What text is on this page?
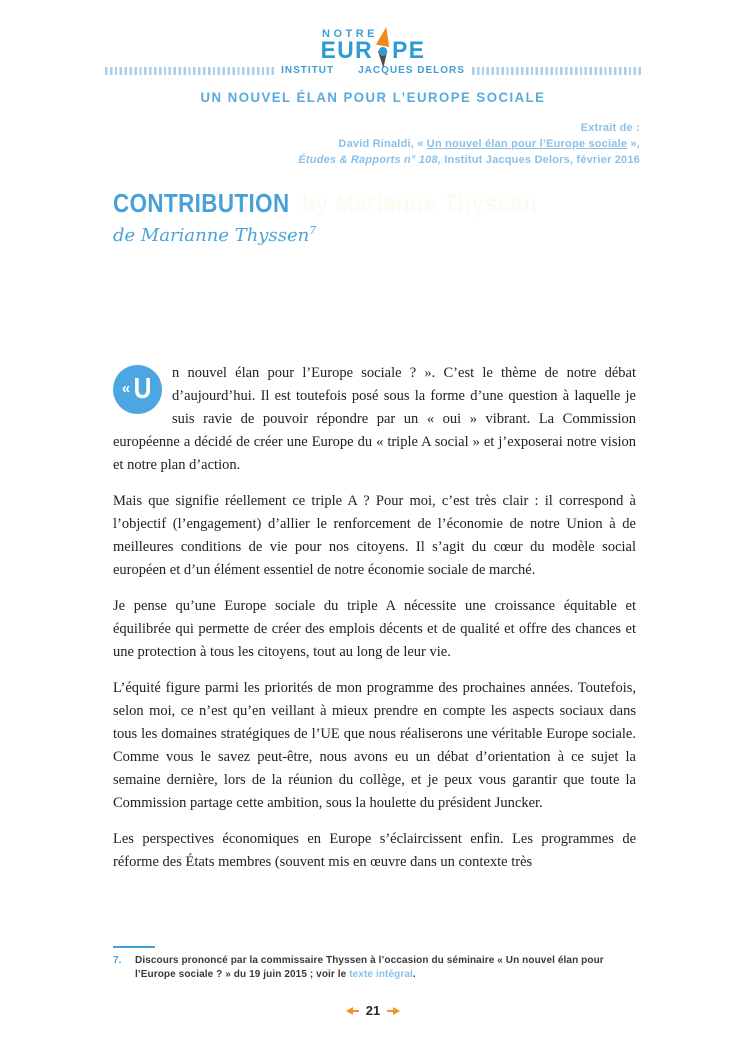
NOTRE
EUR PE
INSTITUT JACQUES DELORS
UN NOUVEL ÉLAN POUR L’EUROPE SOCIALE
Extrait de :
David Rinaldi, « Un nouvel élan pour l’Europe sociale »,
Études & Rapports n° 108, Institut Jacques Delors, février 2016
CONTRIBUTION by Marianne Thyssen
de Marianne Thyssen$^7$

« U n nouvel élan pour l’Europe sociale ? ». C’est le thème de notre débat d’aujourd’hui. Il est toutefois posé sous la forme d’une question à laquelle je suis ravie de pouvoir répondre par un « oui » vibrant. La Commission européenne a décidé de créer une Europe du « triple A social » et j’exposerai notre vision et notre plan d’action.

Mais que signifie réellement ce triple A ? Pour moi, c’est très clair : il correspond à l’objectif (l’engagement) d’allier le renforcement de l’économie de notre Union à de meilleures conditions de vie pour nos citoyens. Il s’agit du cœur du modèle social européen et d’un élément essentiel de notre économie sociale de marché.

Je pense qu’une Europe sociale du triple A nécessite une croissance équitable et équilibrée qui permette de créer des emplois décents et de qualité et offre des chances et une protection à tous les citoyens, tout au long de leur vie.

L’équité figure parmi les priorités de mon programme des prochaines années. Toutefois, selon moi, ce n’est qu’en veillant à mieux prendre en compte les aspects sociaux dans tous les domaines stratégiques de l’UE que nous réaliserons une véritable Europe sociale. Comme vous le savez peut-être, nous avons eu un débat d’orientation à ce sujet la semaine dernière, lors de la réunion du collège, et je peux vous garantir que toute la Commission partage cette ambition, sous la houlette du président Juncker.

Les perspectives économiques en Europe s’éclaircissent enfin. Les programmes de réforme des États membres (souvent mis en œuvre dans un contexte très

7.	Discours prononcé par la commissaire Thyssen à l’occasion du séminaire « Un nouvel élan pour l’Europe sociale ? » du 19 juin 2015 ; voir le texte intégral.
21
